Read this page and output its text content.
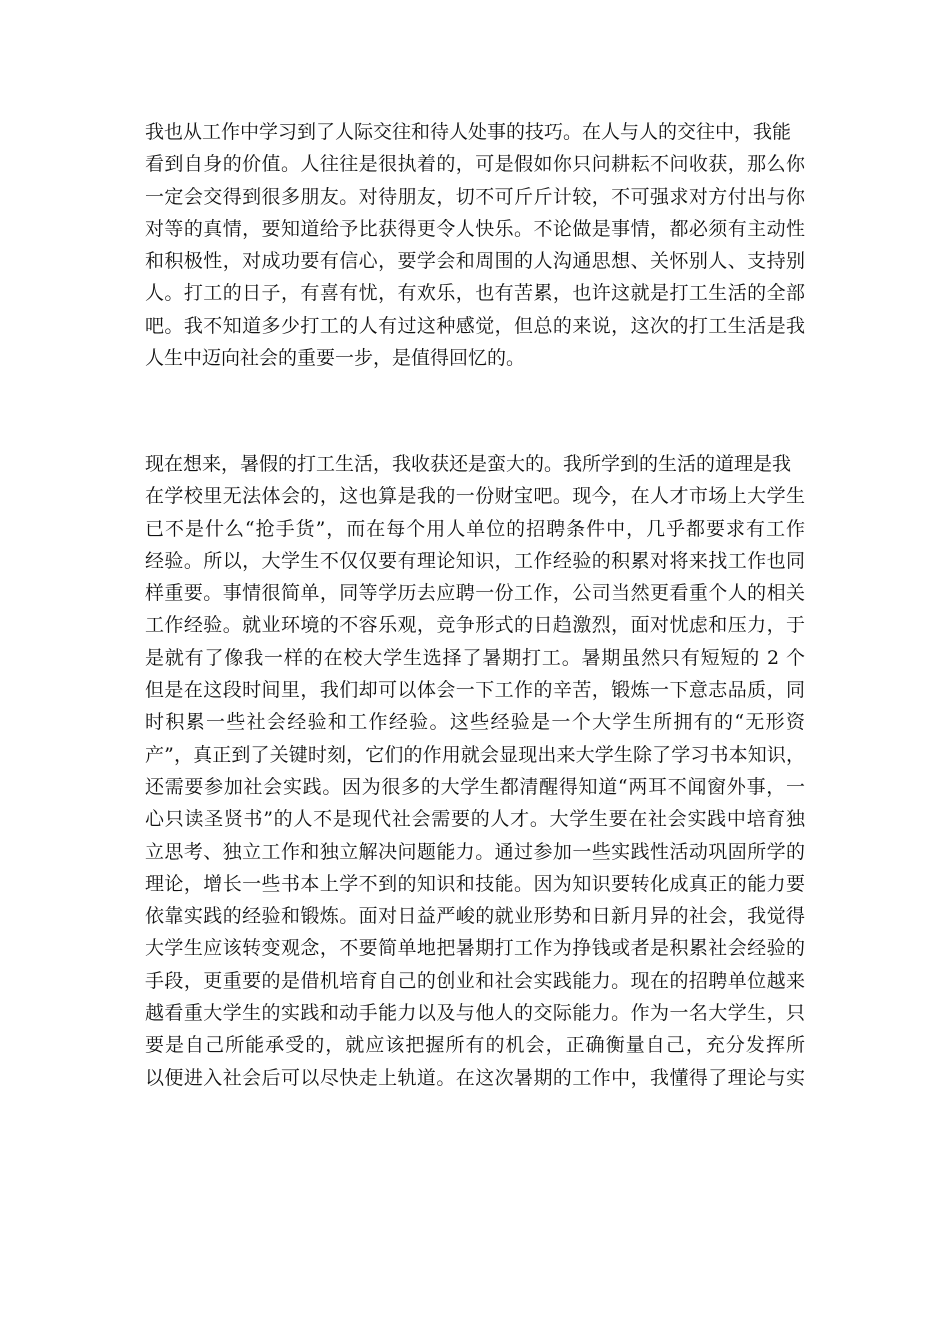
我也从工作中学习到了人际交往和待人处事的技巧。在人与人的交往中，我能
看到自身的价值。人往往是很执着的，可是假如你只问耕耘不问收获，那么你
一定会交得到很多朋友。对待朋友，切不可斤斤计较，不可强求对方付出与你
对等的真情，要知道给予比获得更令人快乐。不论做是事情，都必须有主动性
和积极性，对成功要有信心，要学会和周围的人沟通思想、关怀别人、支持别
人。打工的日子，有喜有忧，有欢乐，也有苦累，也许这就是打工生活的全部
吧。我不知道多少打工的人有过这种感觉，但总的来说，这次的打工生活是我
人生中迈向社会的重要一步，是值得回忆的。
现在想来，暑假的打工生活，我收获还是蛮大的。我所学到的生活的道理是我
在学校里无法体会的，这也算是我的一份财宝吧。现今，在人才市场上大学生
已不是什么“抢手货”，而在每个用人单位的招聘条件中，几乎都要求有工作
经验。所以，大学生不仅仅要有理论知识，工作经验的积累对将来找工作也同
样重要。事情很简单，同等学历去应聘一份工作，公司当然更看重个人的相关
工作经验。就业环境的不容乐观，竞争形式的日趋激烈，面对忧虑和压力，于
是就有了像我一样的在校大学生选择了暑期打工。暑期虽然只有短短的 2 个
但是在这段时间里，我们却可以体会一下工作的辛苦，锻炼一下意志品质，同
时积累一些社会经验和工作经验。这些经验是一个大学生所拥有的“无形资
产”，真正到了关键时刻，它们的作用就会显现出来大学生除了学习书本知识，
还需要参加社会实践。因为很多的大学生都清醒得知道“两耳不闻窗外事，一
心只读圣贤书”的人不是现代社会需要的人才。大学生要在社会实践中培育独
立思考、独立工作和独立解决问题能力。通过参加一些实践性活动巩固所学的
理论，增长一些书本上学不到的知识和技能。因为知识要转化成真正的能力要
依靠实践的经验和锻炼。面对日益严峻的就业形势和日新月异的社会，我觉得
大学生应该转变观念，不要简单地把暑期打工作为挣钱或者是积累社会经验的
手段，更重要的是借机培育自己的创业和社会实践能力。现在的招聘单位越来
越看重大学生的实践和动手能力以及与他人的交际能力。作为一名大学生，只
要是自己所能承受的，就应该把握所有的机会，正确衡量自己，充分发挥所
以便进入社会后可以尽快走上轨道。在这次暑期的工作中，我懂得了理论与实
